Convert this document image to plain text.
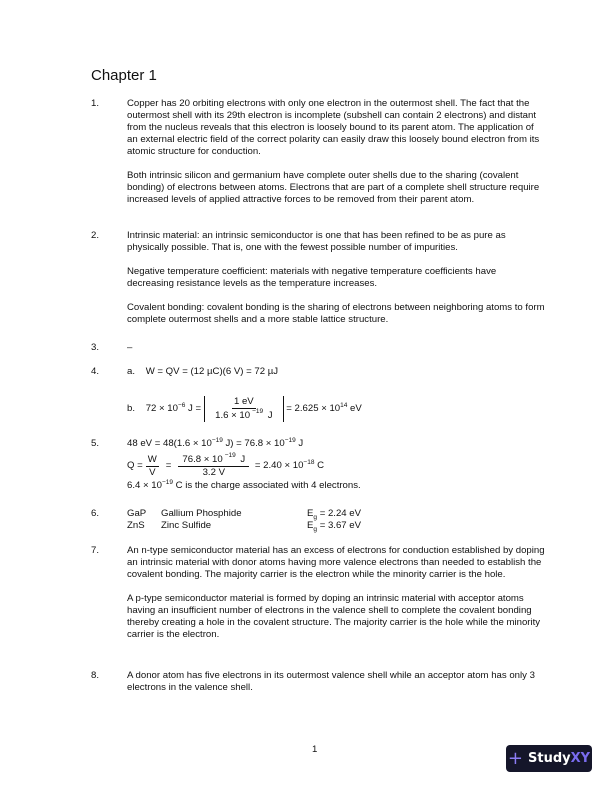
Chapter 1
1.	Copper has 20 orbiting electrons with only one electron in the outermost shell. The fact that the outermost shell with its 29th electron is incomplete (subshell can contain 2 electrons) and distant from the nucleus reveals that this electron is loosely bound to its parent atom. The application of an external electric field of the correct polarity can easily draw this loosely bound electron from its atomic structure for conduction.

Both intrinsic silicon and germanium have complete outer shells due to the sharing (covalent bonding) of electrons between atoms. Electrons that are part of a complete shell structure require increased levels of applied attractive forces to be removed from their parent atom.

2.	Intrinsic material: an intrinsic semiconductor is one that has been refined to be as pure as physically possible. That is, one with the fewest possible number of impurities.

Negative temperature coefficient: materials with negative temperature coefficients have decreasing resistance levels as the temperature increases.

Covalent bonding: covalent bonding is the sharing of electrons between neighboring atoms to form complete outermost shells and a more stable lattice structure.

3.	–
4.	a. W = QV = (12 µC)(6 V) = 72 µJ
b.
$72 \times 10^{-6}$ $J = \frac{1 eV}{1.6 \times 10 ^{-19} J}$
= $2.625 \times 10^{14}$ eV
5.	48 eV = $48(1.6 \times 10^{-19}$ $J) = 76.8 \times 10^{-19}$ J
$Q = \frac{W}{V} = \frac{76.8 \times 10 ^{-19} J}{3.2 V}$
= $2.40 \times 10^{-18}$ C
$6.4 \times 10^{-19}$ C is the charge associated with 4 electrons.
6.	GaP Gallium Phosphide	$E_g = 2.24$ eV
ZnS Zinc Sulfide	$E_g = 3.67$ eV
7.	An n-type semiconductor material has an excess of electrons for conduction established by doping an intrinsic material with donor atoms having more valence electrons than needed to establish the covalent bonding. The majority carrier is the electron while the minority carrier is the hole.

A p-type semiconductor material is formed by doping an intrinsic material with acceptor atoms having an insufficient number of electrons in the valence shell to complete the covalent bonding thereby creating a hole in the covalent structure. The majority carrier is the hole while the minority carrier is the electron.

8.	A donor atom has five electrons in its outermost valence shell while an acceptor atom has only 3 electrons in the valence shell.

1	+ StudyXY
